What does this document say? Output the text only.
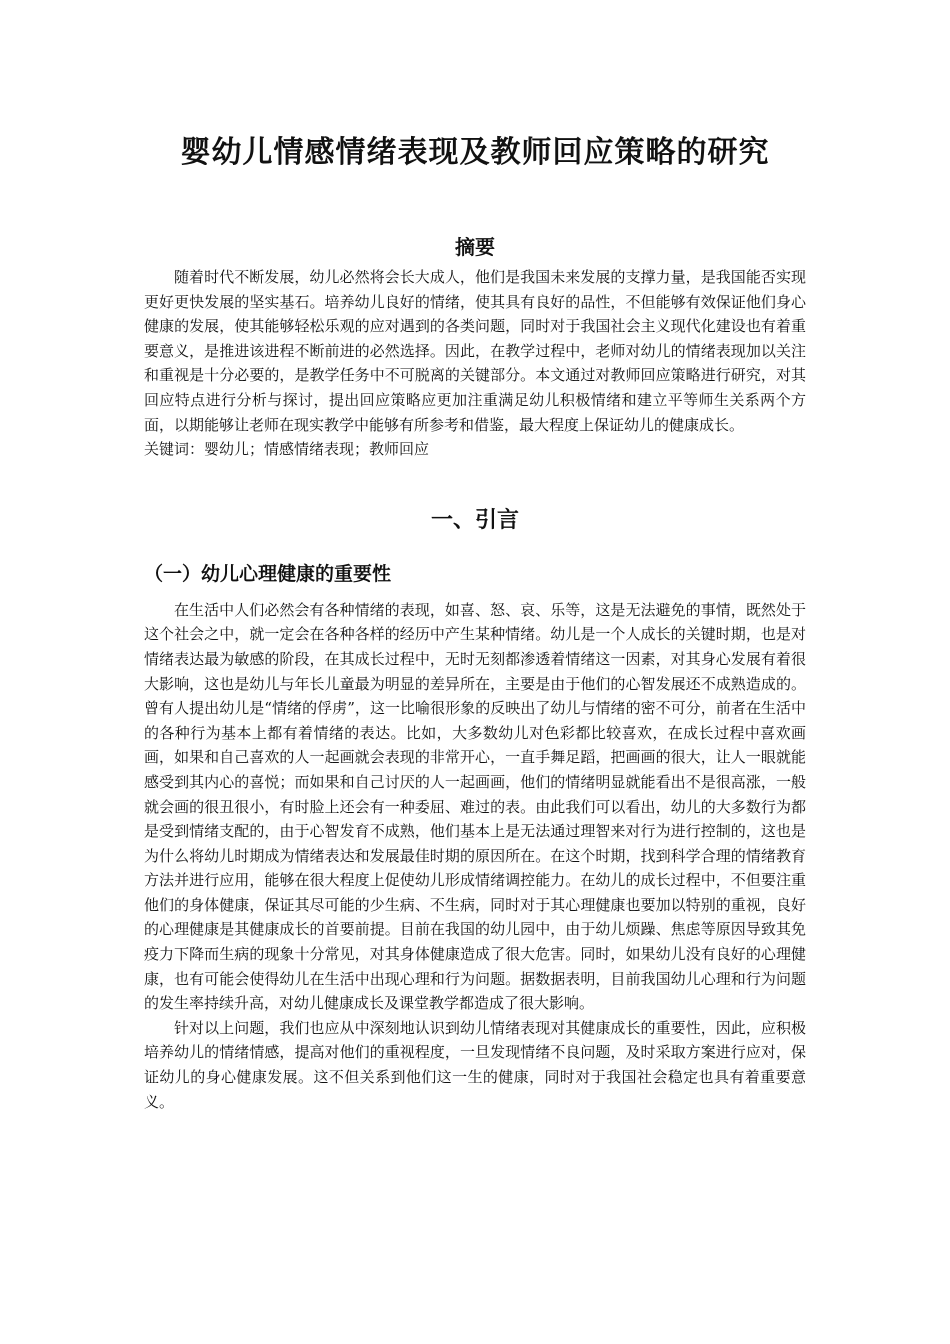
婴幼儿情感情绪表现及教师回应策略的研究
摘要

随着时代不断发展，幼儿必然将会长大成人，他们是我国未来发展的支撑力量，是我国能否实现更好更快发展的坚实基石。培养幼儿良好的情绪，使其具有良好的品性，不但能够有效保证他们身心健康的发展，使其能够轻松乐观的应对遇到的各类问题，同时对于我国社会主义现代化建设也有着重要意义，是推进该进程不断前进的必然选择。因此，在教学过程中，老师对幼儿的情绪表现加以关注和重视是十分必要的，是教学任务中不可脱离的关键部分。本文通过对教师回应策略进行研究，对其回应特点进行分析与探讨，提出回应策略应更加注重满足幼儿积极情绪和建立平等师生关系两个方面，以期能够让老师在现实教学中能够有所参考和借鉴，最大程度上保证幼儿的健康成长。

关键词：婴幼儿；情感情绪表现；教师回应

一、引言
（一）幼儿心理健康的重要性

在生活中人们必然会有各种情绪的表现，如喜、怒、哀、乐等，这是无法避免的事情，既然处于这个社会之中，就一定会在各种各样的经历中产生某种情绪。幼儿是一个人成长的关键时期，也是对情绪表达最为敏感的阶段，在其成长过程中，无时无刻都渗透着情绪这一因素，对其身心发展有着很大影响，这也是幼儿与年长儿童最为明显的差异所在，主要是由于他们的心智发展还不成熟造成的。曾有人提出幼儿是“情绪的俘虏”，这一比喻很形象的反映出了幼儿与情绪的密不可分，前者在生活中的各种行为基本上都有着情绪的表达。比如，大多数幼儿对色彩都比较喜欢，在成长过程中喜欢画画，如果和自己喜欢的人一起画就会表现的非常开心，一直手舞足蹈，把画画的很大，让人一眼就能感受到其内心的喜悦；而如果和自己讨厌的人一起画画，他们的情绪明显就能看出不是很高涨，一般就会画的很丑很小，有时脸上还会有一种委屈、难过的表。由此我们可以看出，幼儿的大多数行为都是受到情绪支配的，由于心智发育不成熟，他们基本上是无法通过理智来对行为进行控制的，这也是为什么将幼儿时期成为情绪表达和发展最佳时期的原因所在。在这个时期，找到科学合理的情绪教育方法并进行应用，能够在很大程度上促使幼儿形成情绪调控能力。在幼儿的成长过程中，不但要注重他们的身体健康，保证其尽可能的少生病、不生病，同时对于其心理健康也要加以特别的重视，良好的心理健康是其健康成长的首要前提。目前在我国的幼儿园中，由于幼儿烦躁、焦虑等原因导致其免疫力下降而生病的现象十分常见，对其身体健康造成了很大危害。同时，如果幼儿没有良好的心理健康，也有可能会使得幼儿在生活中出现心理和行为问题。据数据表明，目前我国幼儿心理和行为问题的发生率持续升高，对幼儿健康成长及课堂教学都造成了很大影响。

针对以上问题，我们也应从中深刻地认识到幼儿情绪表现对其健康成长的重要性，因此，应积极培养幼儿的情绪情感，提高对他们的重视程度，一旦发现情绪不良问题，及时采取方案进行应对，保证幼儿的身心健康发展。这不但关系到他们这一生的健康，同时对于我国社会稳定也具有着重要意义。
